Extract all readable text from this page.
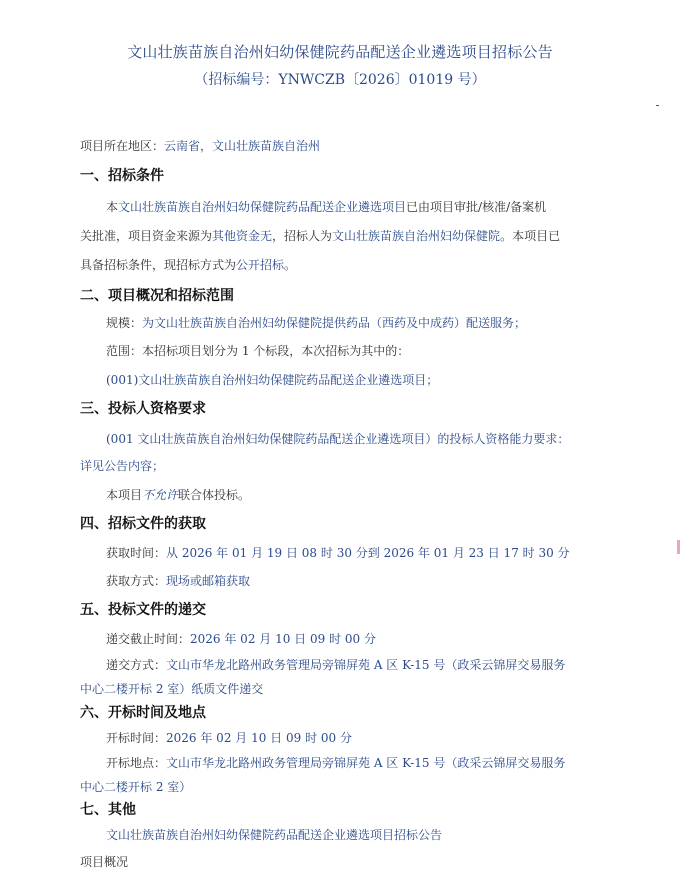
文山壮族苗族自治州妇幼保健院药品配送企业遴选项目招标公告
（招标编号：YNWCZB〔2026〕01019 号）
项目所在地区：云南省，文山壮族苗族自治州
一、招标条件
本文山壮族苗族自治州妇幼保健院药品配送企业遴选项目已由项目审批/核准/备案机
关批准，项目资金来源为其他资金无，招标人为文山壮族苗族自治州妇幼保健院。本项目已
具备招标条件，现招标方式为公开招标。
二、项目概况和招标范围
规模：为文山壮族苗族自治州妇幼保健院提供药品（西药及中成药）配送服务；
范围：本招标项目划分为 1 个标段，本次招标为其中的：
(001)文山壮族苗族自治州妇幼保健院药品配送企业遴选项目；
三、投标人资格要求
(001 文山壮族苗族自治州妇幼保健院药品配送企业遴选项目）的投标人资格能力要求：
详见公告内容；
本项目不允许联合体投标。
四、招标文件的获取
获取时间：从 2026 年 01 月 19 日 08 时 30 分到 2026 年 01 月 23 日 17 时 30 分
获取方式：现场或邮箱获取
五、投标文件的递交
递交截止时间：2026 年 02 月 10 日 09 时 00 分
递交方式：文山市华龙北路州政务管理局旁锦屏苑 A 区 K-15 号（政采云锦屏交易服务
中心二楼开标 2 室）纸质文件递交
六、开标时间及地点
开标时间：2026 年 02 月 10 日 09 时 00 分
开标地点：文山市华龙北路州政务管理局旁锦屏苑 A 区 K-15 号（政采云锦屏交易服务
中心二楼开标 2 室）
七、其他
文山壮族苗族自治州妇幼保健院药品配送企业遴选项目招标公告
项目概况
